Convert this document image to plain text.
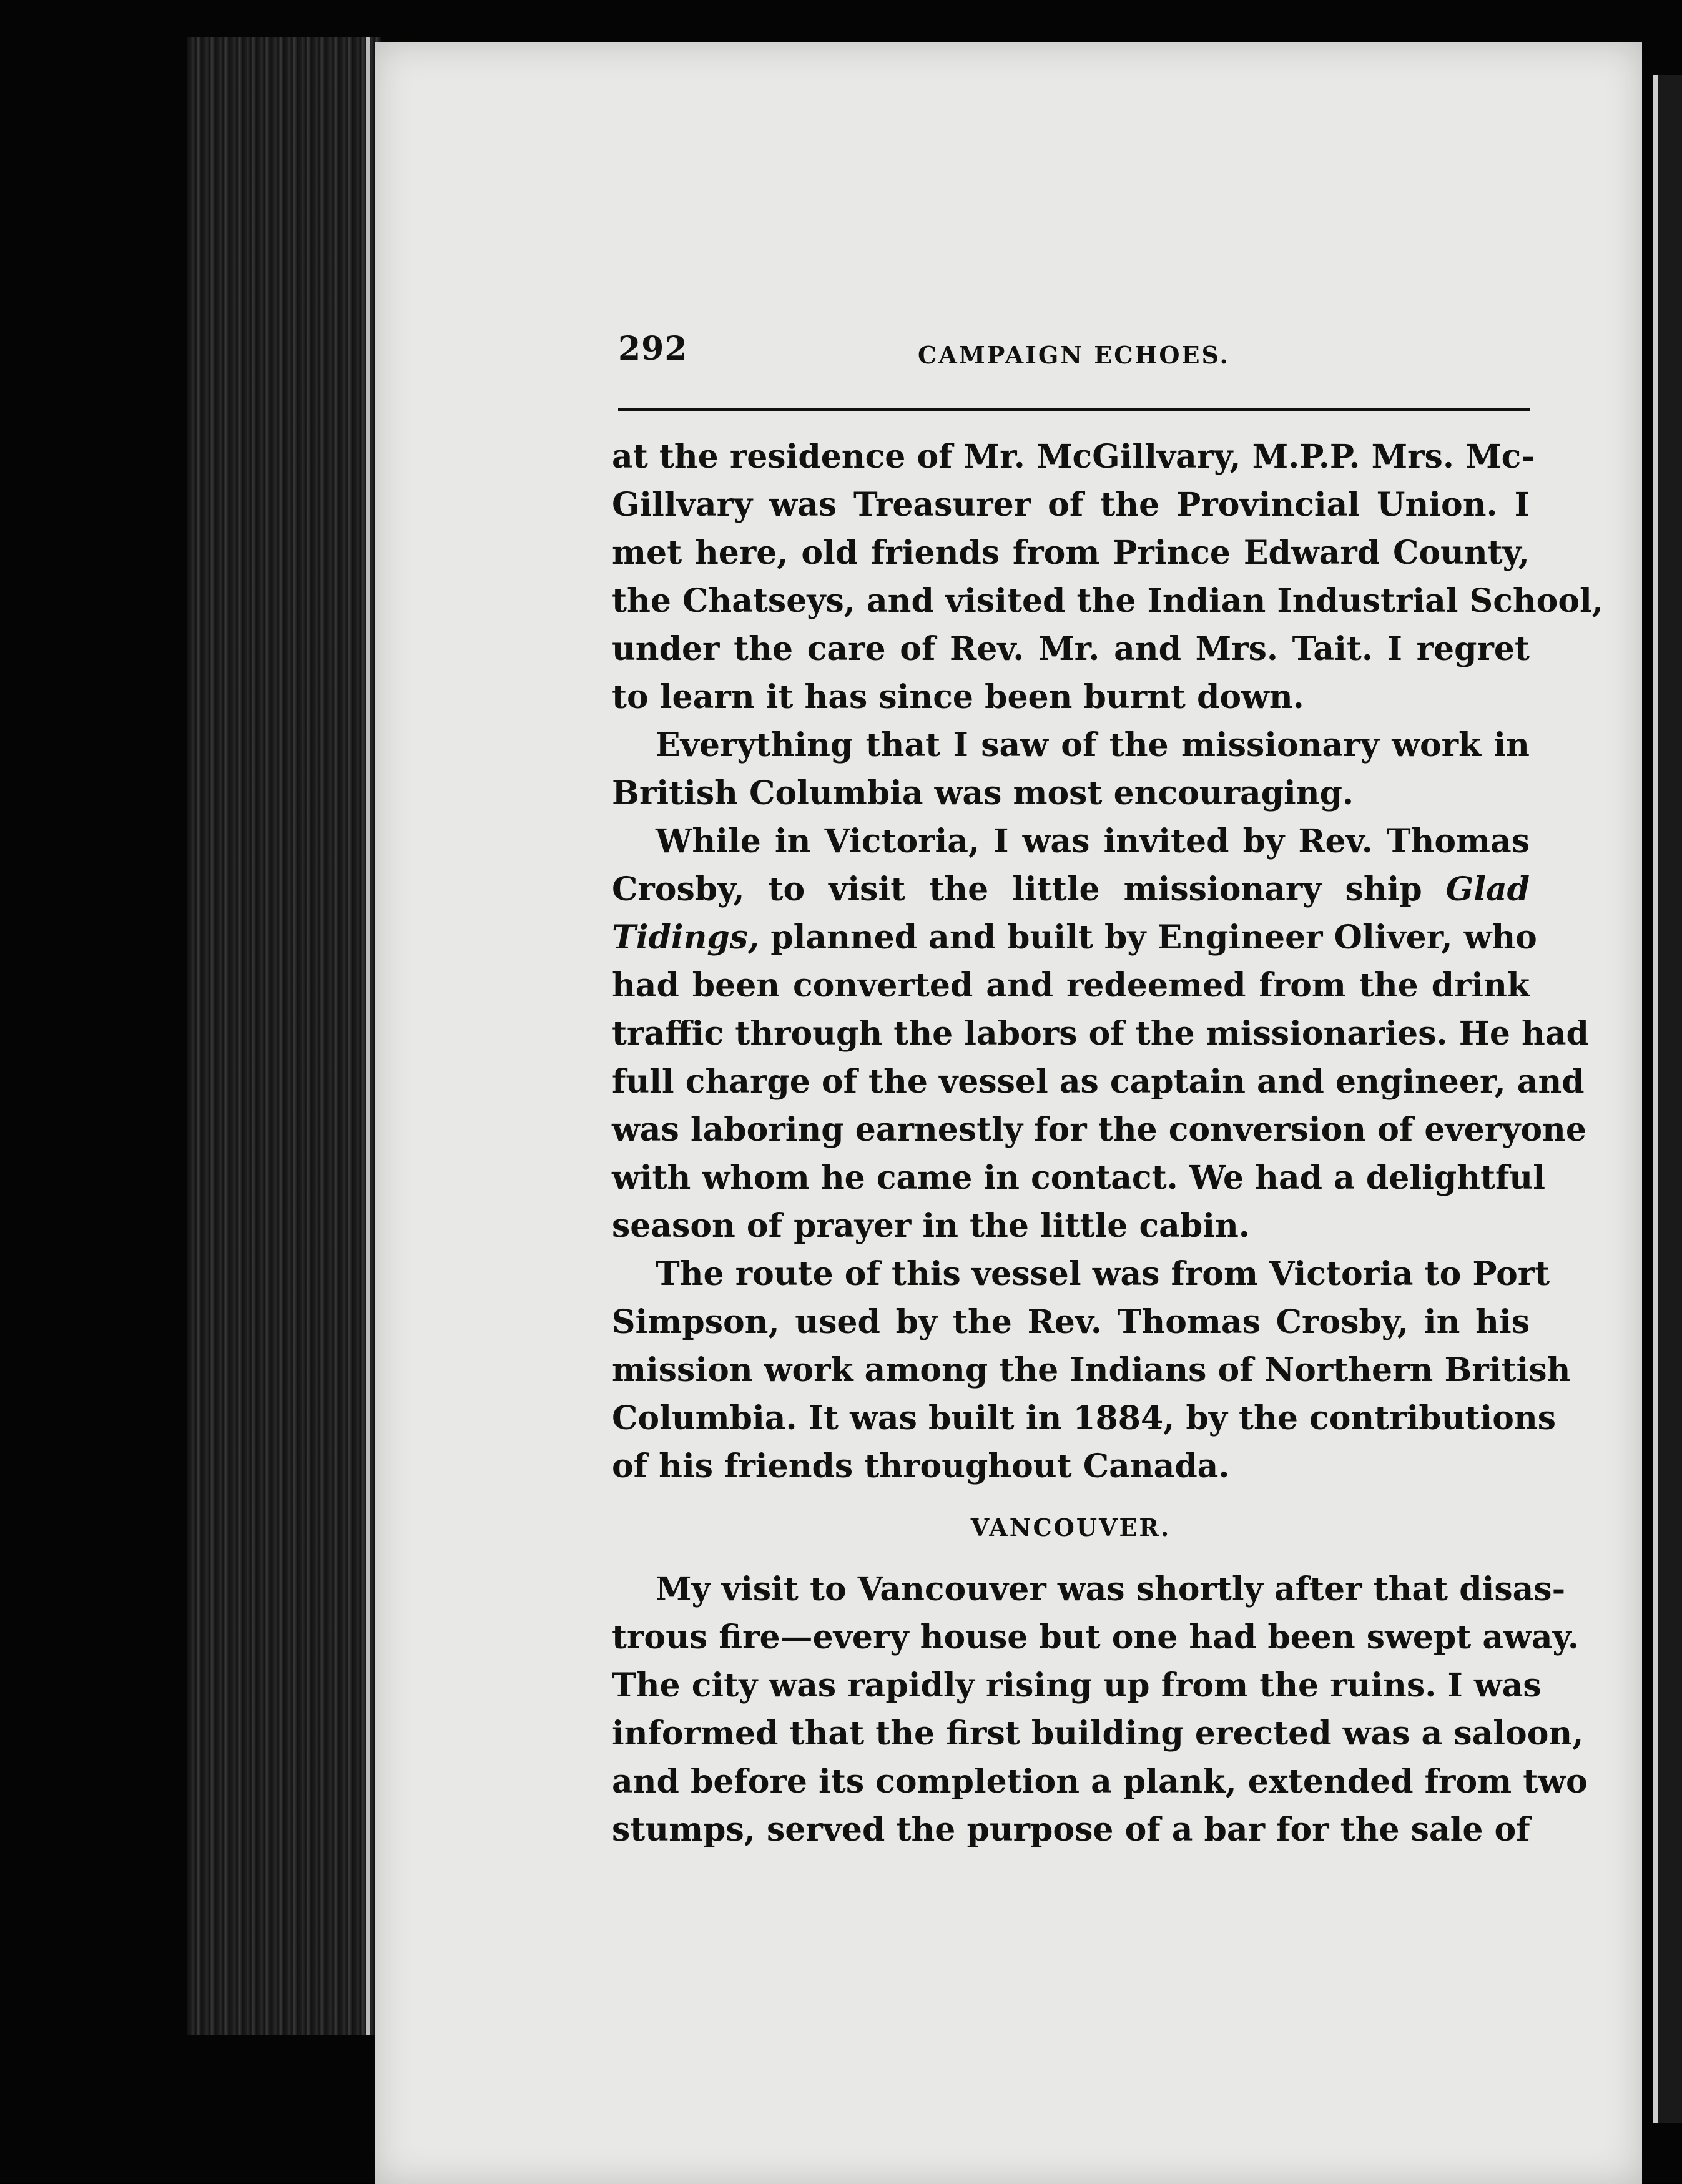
292	CAMPAIGN ECHOES.
at the residence of Mr. McGillvary, M.P.P. Mrs. Mc-
Gillvary was Treasurer of the Provincial Union. I
met here, old friends from Prince Edward County,
the Chatseys, and visited the Indian Industrial School,
under the care of Rev. Mr. and Mrs. Tait. I regret
to learn it has since been burnt down.
Everything that I saw of the missionary work in
British Columbia was most encouraging.
While in Victoria, I was invited by Rev. Thomas
Crosby, to visit the little missionary ship Glad
Tidings, planned and built by Engineer Oliver, who
had been converted and redeemed from the drink
traffic through the labors of the missionaries. He had
full charge of the vessel as captain and engineer, and
was laboring earnestly for the conversion of everyone
with whom he came in contact. We had a delightful
season of prayer in the little cabin.
The route of this vessel was from Victoria to Port
Simpson, used by the Rev. Thomas Crosby, in his
mission work among the Indians of Northern British
Columbia. It was built in 1884, by the contributions
of his friends throughout Canada.
VANCOUVER.
My visit to Vancouver was shortly after that disas-
trous fire—every house but one had been swept away.
The city was rapidly rising up from the ruins. I was
informed that the first building erected was a saloon,
and before its completion a plank, extended from two
stumps, served the purpose of a bar for the sale of
